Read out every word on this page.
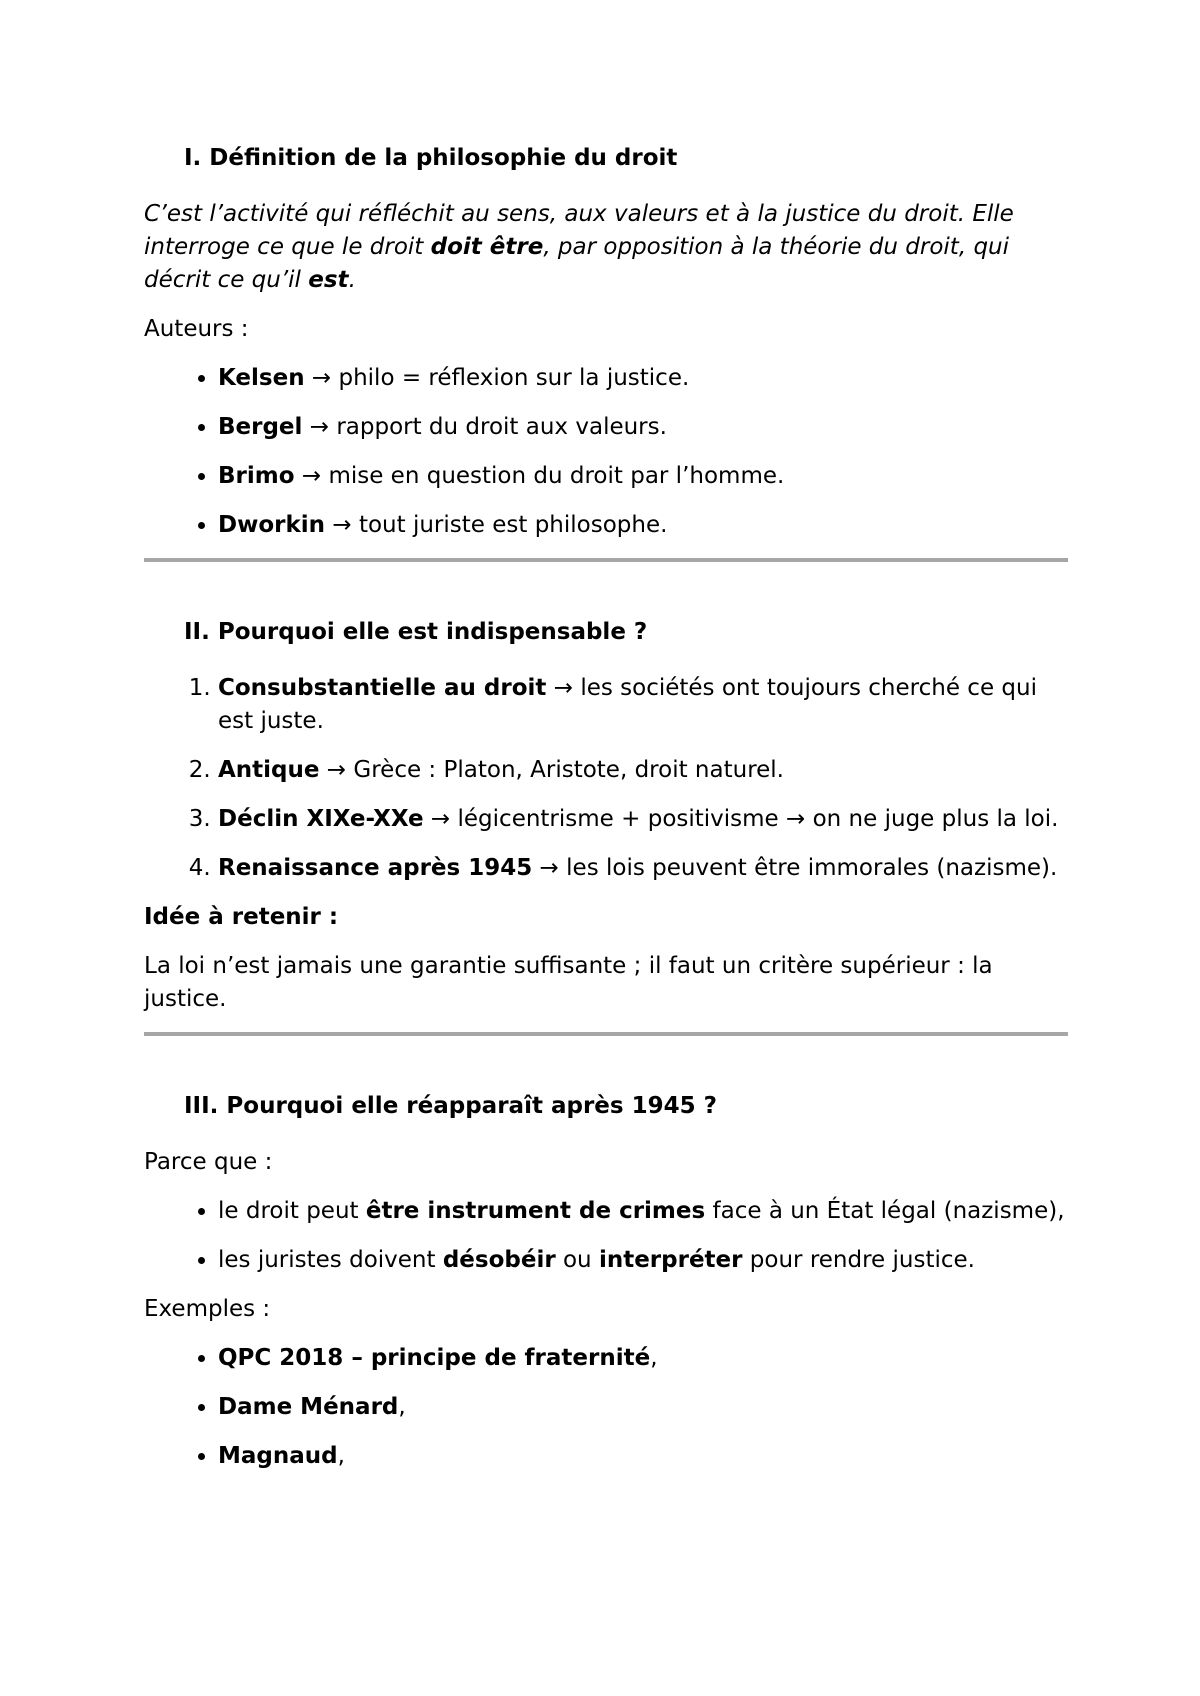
I. Définition de la philosophie du droit

C’est l’activité qui réfléchit au sens, aux valeurs et à la justice du droit. Elle interroge ce que le droit doit être, par opposition à la théorie du droit, qui décrit ce qu’il est.

Auteurs :

• Kelsen → philo = réflexion sur la justice.
• Bergel → rapport du droit aux valeurs.
• Brimo → mise en question du droit par l’homme.
• Dworkin → tout juriste est philosophe.
II. Pourquoi elle est indispensable ?
1. Consubstantielle au droit → les sociétés ont toujours cherché ce qui est juste.
2. Antique → Grèce : Platon, Aristote, droit naturel.
3. Déclin XIXe-XXe → légicentrisme + positivisme → on ne juge plus la loi.
4. Renaissance après 1945 → les lois peuvent être immorales (nazisme).

Idée à retenir :

La loi n’est jamais une garantie suffisante ; il faut un critère supérieur : la justice.

III. Pourquoi elle réapparaît après 1945 ?

Parce que :

• le droit peut être instrument de crimes face à un État légal (nazisme),
• les juristes doivent désobéir ou interpréter pour rendre justice.

Exemples :

• QPC 2018 – principe de fraternité,
• Dame Ménard,
• Magnaud,
